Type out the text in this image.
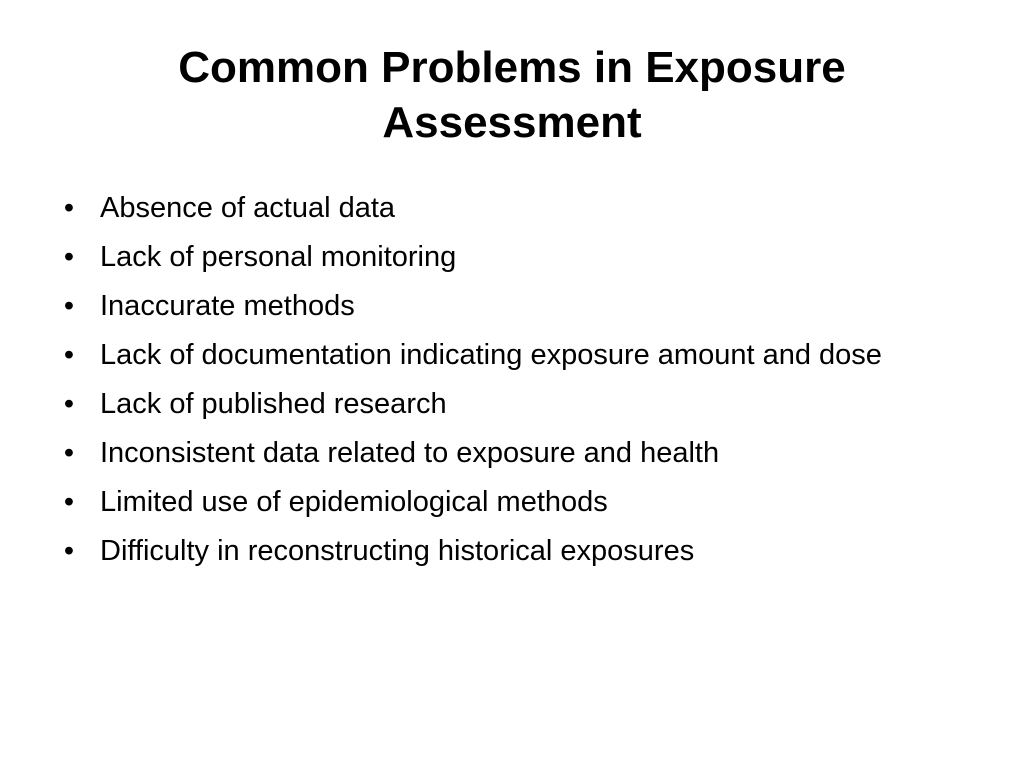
Common Problems in Exposure
Assessment
• Absence of actual data
• Lack of personal monitoring
• Inaccurate methods
• Lack of documentation indicating exposure amount and dose
• Lack of published research
• Inconsistent data related to exposure and health
• Limited use of epidemiological methods
• Difficulty in reconstructing historical exposures
